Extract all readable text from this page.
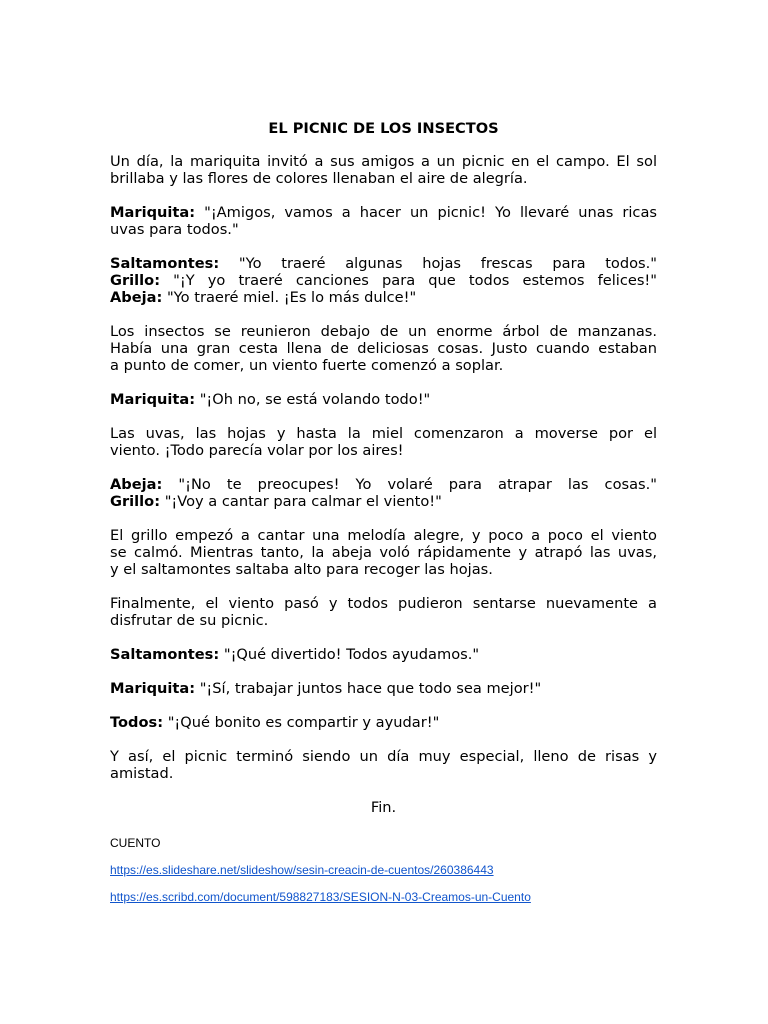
EL PICNIC DE LOS INSECTOS
Un día, la mariquita invitó a sus amigos a un picnic en el campo. El sol
brillaba y las flores de colores llenaban el aire de alegría.
Mariquita: "¡Amigos, vamos a hacer un picnic! Yo llevaré unas ricas
uvas para todos."
Saltamontes: "Yo traeré algunas hojas frescas para todos."
Grillo: "¡Y yo traeré canciones para que todos estemos felices!"
Abeja: "Yo traeré miel. ¡Es lo más dulce!"
Los insectos se reunieron debajo de un enorme árbol de manzanas.
Había una gran cesta llena de deliciosas cosas. Justo cuando estaban
a punto de comer, un viento fuerte comenzó a soplar.
Mariquita: "¡Oh no, se está volando todo!"
Las uvas, las hojas y hasta la miel comenzaron a moverse por el
viento. ¡Todo parecía volar por los aires!
Abeja: "¡No te preocupes! Yo volaré para atrapar las cosas."
Grillo: "¡Voy a cantar para calmar el viento!"
El grillo empezó a cantar una melodía alegre, y poco a poco el viento
se calmó. Mientras tanto, la abeja voló rápidamente y atrapó las uvas,
y el saltamontes saltaba alto para recoger las hojas.
Finalmente, el viento pasó y todos pudieron sentarse nuevamente a
disfrutar de su picnic.
Saltamontes: "¡Qué divertido! Todos ayudamos."
Mariquita: "¡Sí, trabajar juntos hace que todo sea mejor!"
Todos: "¡Qué bonito es compartir y ayudar!"
Y así, el picnic terminó siendo un día muy especial, lleno de risas y
amistad.
Fin.
CUENTO
https://es.slideshare.net/slideshow/sesin-creacin-de-cuentos/260386443
https://es.scribd.com/document/598827183/SESION-N-03-Creamos-un-Cuento
